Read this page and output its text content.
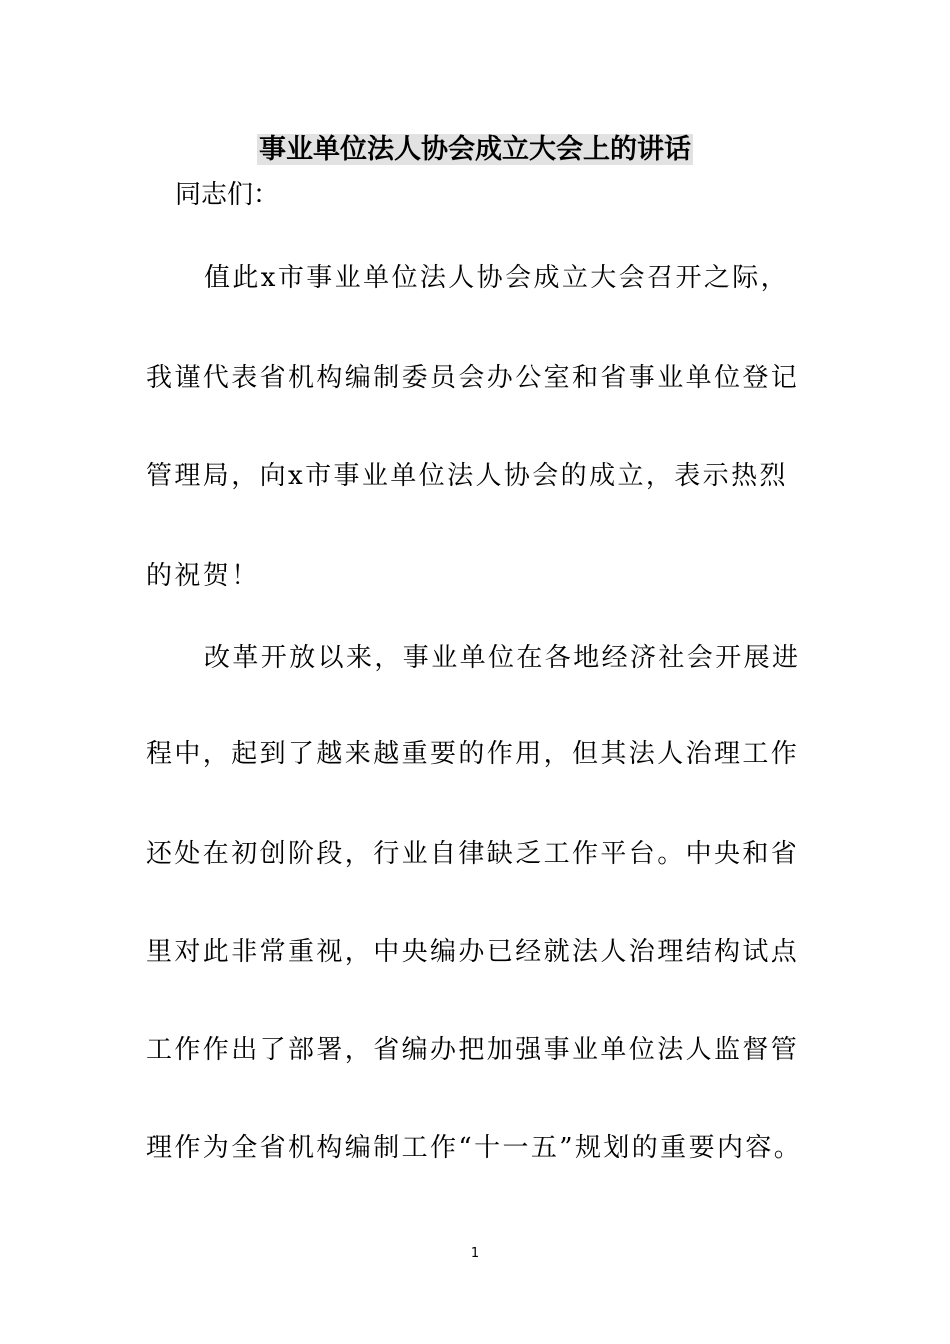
事业单位法人协会成立大会上的讲话

同志们：

值此x市事业单位法人协会成立大会召开之际，

我谨代表省机构编制委员会办公室和省事业单位登记

管理局，向x市事业单位法人协会的成立，表示热烈

的祝贺！

改革开放以来，事业单位在各地经济社会开展进

程中，起到了越来越重要的作用，但其法人治理工作

还处在初创阶段，行业自律缺乏工作平台。中央和省

里对此非常重视，中央编办已经就法人治理结构试点

工作作出了部署，省编办把加强事业单位法人监督管

理作为全省机构编制工作“十一五”规划的重要内容。

1
